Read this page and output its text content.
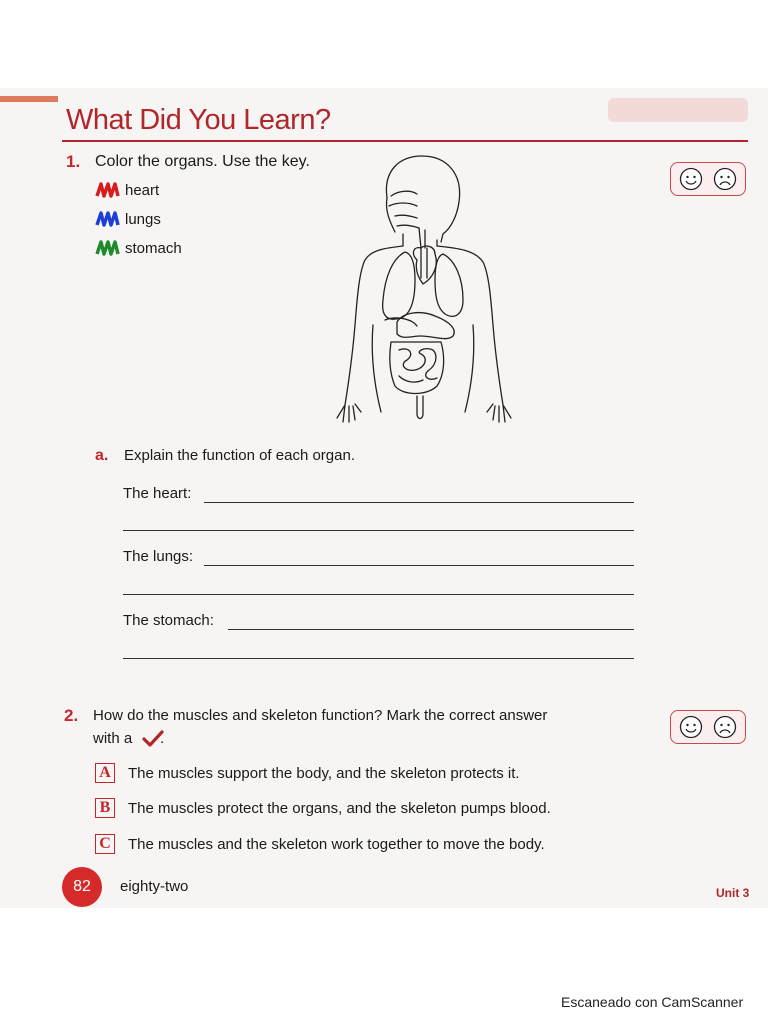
What Did You Learn?
1. Color the organs. Use the key.
heart
lungs
stomach
a. Explain the function of each organ.
The heart:
The lungs:
The stomach:
2. How do the muscles and skeleton function? Mark the correct answer
with a .
A The muscles support the body, and the skeleton protects it.
B	The muscles protect the organs, and the skeleton pumps blood.
C The muscles and the skeleton work together to move the body.
82	eighty-two	Unit 3
Escaneado con CamScanner
